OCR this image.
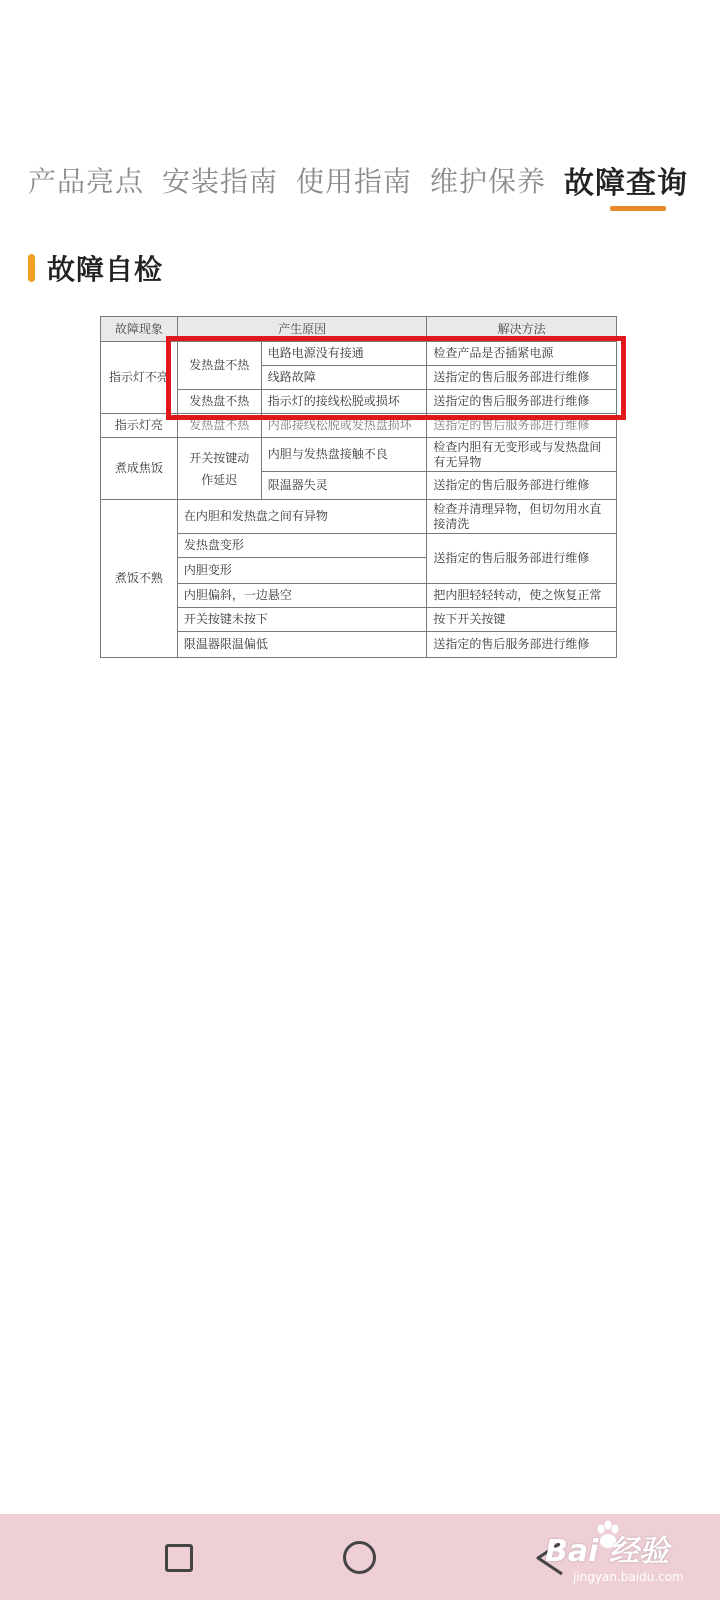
产品亮点 安装指南 使用指南 维护保养 故障查询
故障自检
故障现象	产生原因		解决方法
指示灯不亮	发热盘不热	电路电源没有接通	检查产品是否插紧电源
		线路故障	送指定的售后服务部进行维修
	发热盘不热	指示灯的接线松脱或损坏	送指定的售后服务部进行维修
指示灯亮	发热盘不热	内部接线松脱或发热盘损坏	送指定的售后服务部进行维修
煮成焦饭	开关按键动作延迟	内胆与发热盘接触不良	检查内胆有无变形或与发热盘间有无异物
		限温器失灵	送指定的售后服务部进行维修
煮饭不熟	在内胆和发热盘之间有异物		检查并清理异物，但切勿用水直接清洗
	发热盘变形		送指定的售后服务部进行维修
	内胆变形		
	内胆偏斜，一边悬空		把内胆轻轻转动，使之恢复正常
	开关按键未按下		按下开关按键
	限温器限温偏低		送指定的售后服务部进行维修
Bai 经验
jingyan.baidu.com
